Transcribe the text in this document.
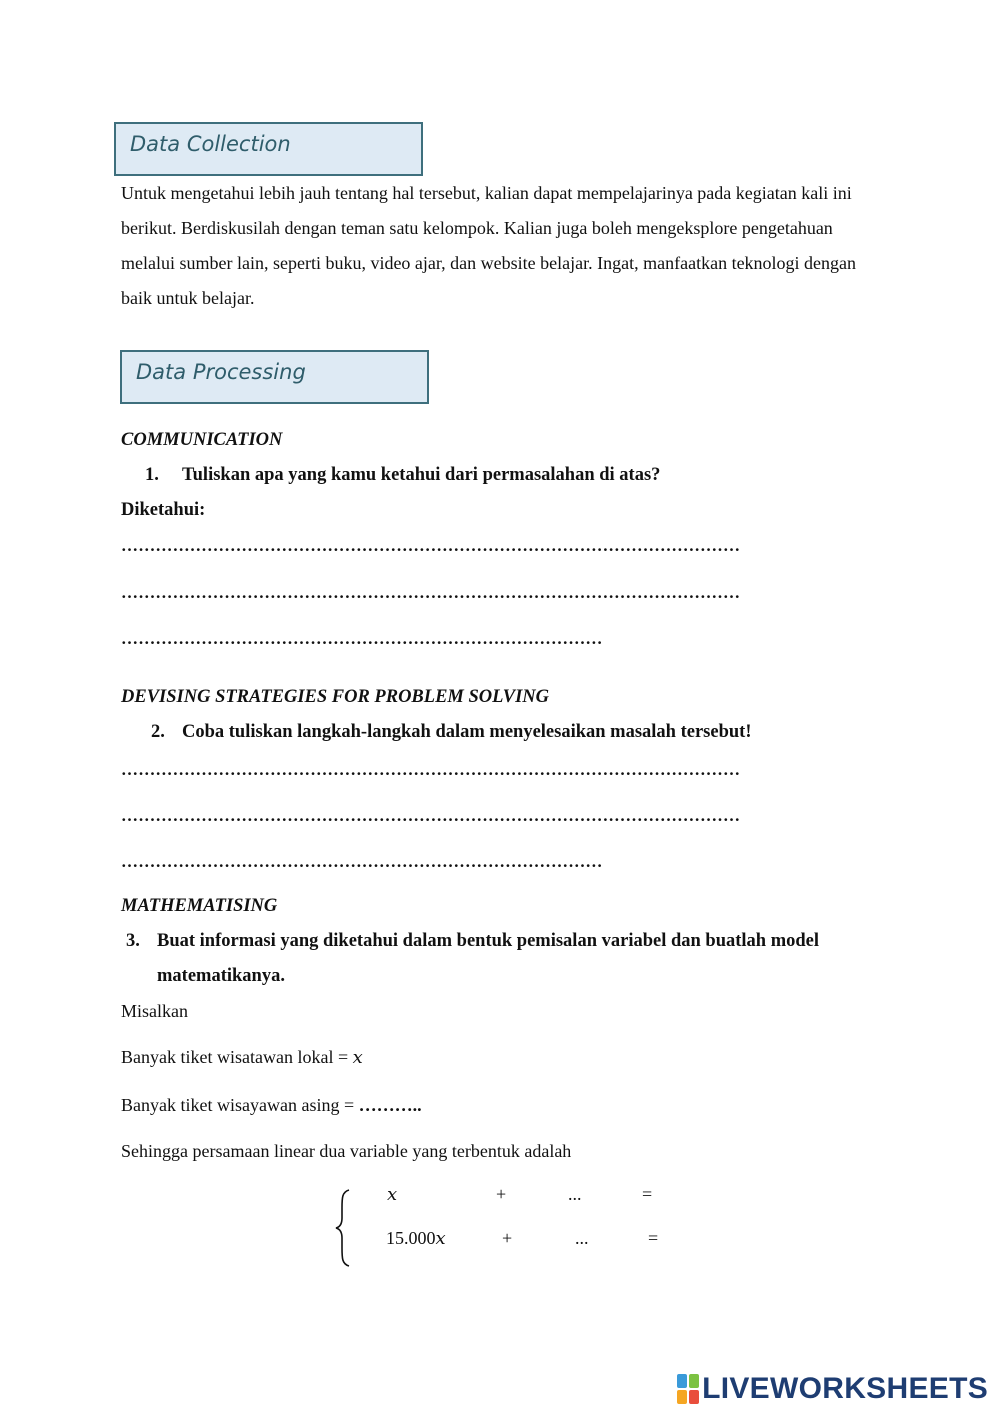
Data Collection
Untuk mengetahui lebih jauh tentang hal tersebut, kalian dapat mempelajarinya pada kegiatan kali ini berikut. Berdiskusilah dengan teman satu kelompok. Kalian juga boleh mengeksplore pengetahuan melalui sumber lain, seperti buku, video ajar, dan website belajar. Ingat, manfaatkan teknologi dengan baik untuk belajar.
Data Processing
COMMUNICATION
1. Tuliskan apa yang kamu ketahui dari permasalahan di atas?
Diketahui:
………………………………………………………………………………………………
………………………………………………………………………………………………
…………………………………………………………………………
DEVISING STRATEGIES FOR PROBLEM SOLVING
2. Coba tuliskan langkah-langkah dalam menyelesaikan masalah tersebut!
………………………………………………………………………………………………
………………………………………………………………………………………………
…………………………………………………………………………
MATHEMATISING
3. Buat informasi yang diketahui dalam bentuk pemisalan variabel dan buatlah model
matematikanya.
Misalkan
Banyak tiket wisatawan lokal = x
Banyak tiket wisayawan asing = ………..
Sehingga persamaan linear dua variable yang terbentuk adalah
x	+	...	=
15.000x	+	...	=
LIVEWORKSHEETS
